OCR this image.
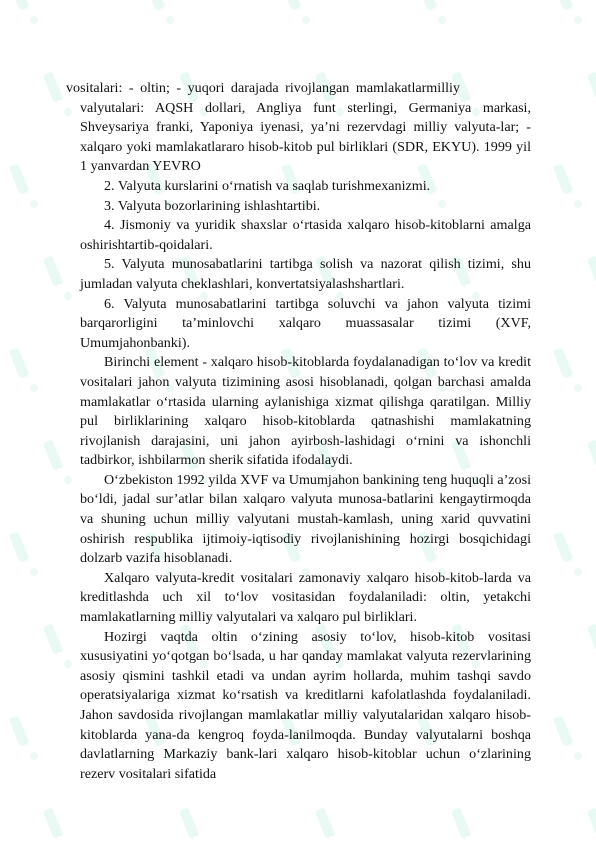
vositalari: - oltin; - yuqori darajada rivojlangan mamlakatlarmilliy
valyutalari: AQSH dollari, Angliya funt sterlingi, Germaniya markasi, Shveysariya franki, Yaponiya iyenasi, ya’ni rezervdagi milliy valyuta-lar; - xalqaro yoki mamlakatlararo hisob-kitob pul birliklari (SDR, EKYU). 1999 yil 1 yanvardan YEVRO

2. Valyuta kurslarini o‘rnatish va saqlab turishmexanizmi.

3. Valyuta bozorlarining ishlashtartibi.

4. Jismoniy va yuridik shaxslar o‘rtasida xalqaro hisob-kitoblarni amalga oshirishtartib-qoidalari.

5. Valyuta munosabatlarini tartibga solish va nazorat qilish tizimi, shu jumladan valyuta cheklashlari, konvertatsiyalashshartlari.

6. Valyuta munosabatlarini tartibga soluvchi va jahon valyuta tizimi barqarorligini ta’minlovchi xalqaro muassasalar tizimi (XVF, Umumjahonbanki).

Birinchi element - xalqaro hisob-kitoblarda foydalanadigan to‘lov va kredit vositalari jahon valyuta tizimining asosi hisoblanadi, qolgan barchasi amalda mamlakatlar o‘rtasida ularning aylanishiga xizmat qilishga qaratilgan. Milliy pul birliklarining xalqaro hisob-kitoblarda qatnashishi mamlakatning rivojlanish darajasini, uni jahon ayirbosh-lashidagi o‘rnini va ishonchli tadbirkor, ishbilarmon sherik sifatida ifodalaydi.

O‘zbekiston 1992 yilda XVF va Umumjahon bankining teng huquqli a’zosi bo‘ldi, jadal sur’atlar bilan xalqaro valyuta munosa-batlarini kengaytirmoqda va shuning uchun milliy valyutani mustah-kamlash, uning xarid quvvatini oshirish respublika ijtimoiy-iqtisodiy rivojlanishining hozirgi bosqichidagi dolzarb vazifa hisoblanadi.

Xalqaro valyuta-kredit vositalari zamonaviy xalqaro hisob-kitob-larda va kreditlashda uch xil to‘lov vositasidan foydalaniladi: oltin, yetakchi mamlakatlarning milliy valyutalari va xalqaro pul birliklari.

Hozirgi vaqtda oltin o‘zining asosiy to‘lov, hisob-kitob vositasi xususiyatini yo‘qotgan bo‘lsada, u har qanday mamlakat valyuta rezervlarining asosiy qismini tashkil etadi va undan ayrim hollarda, muhim tashqi savdo operatsiyalariga xizmat ko‘rsatish va kreditlarni kafolatlashda foydalaniladi. Jahon savdosida rivojlangan mamlakatlar milliy valyutalaridan xalqaro hisob-kitoblarda yana-da kengroq foyda-lanilmoqda. Bunday valyutalarni boshqa davlatlarning Markaziy bank-lari xalqaro hisob-kitoblar uchun o‘zlarining rezerv vositalari sifatida
